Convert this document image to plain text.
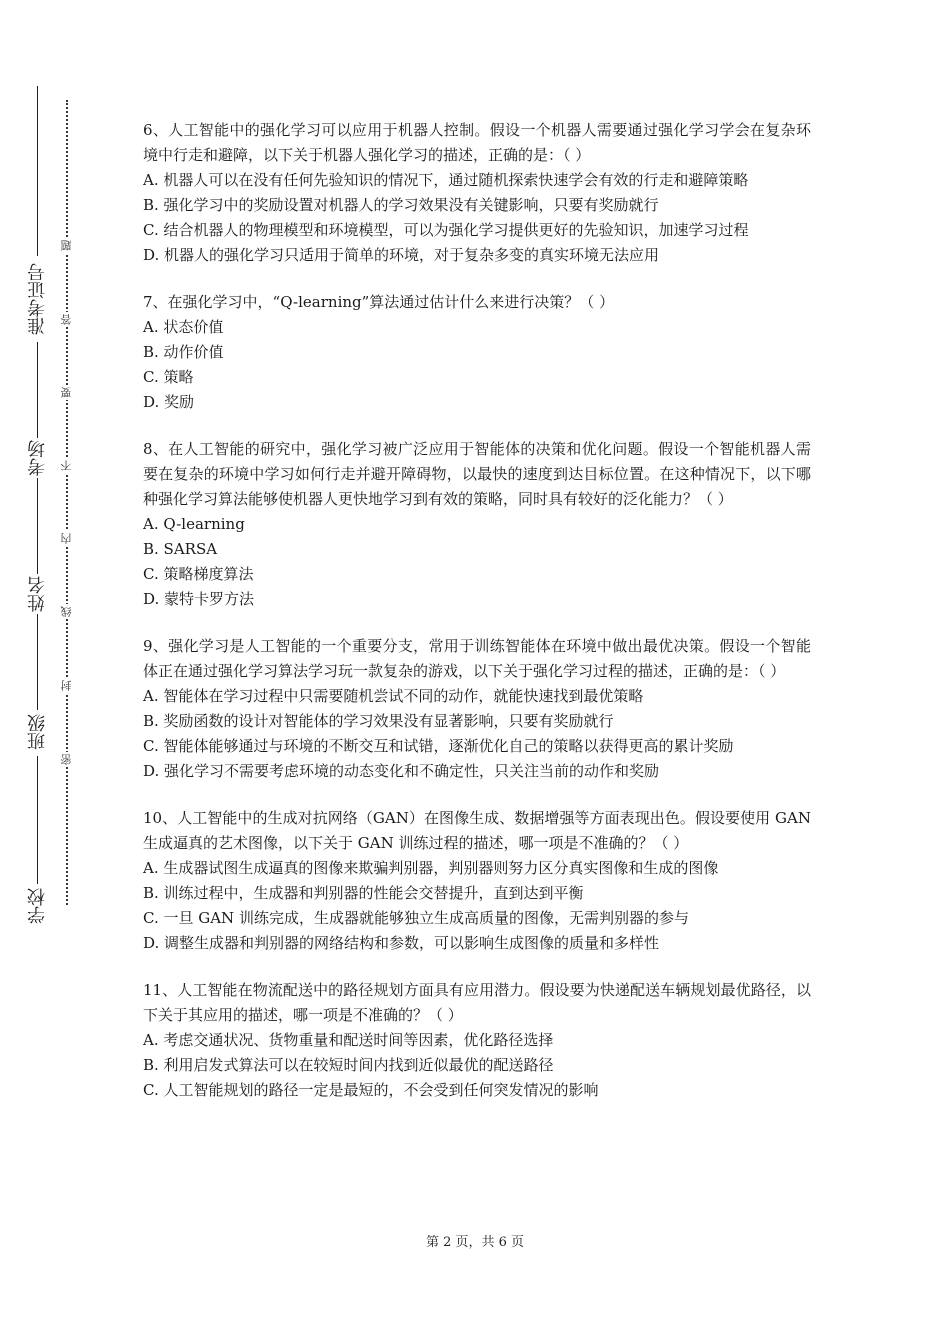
准考证号
考场
姓名
班级
学校
题
答
要
不
内
线
封
密

6、人工智能中的强化学习可以应用于机器人控制。假设一个机器人需要通过强化学习学会在复杂环境中行走和避障，以下关于机器人强化学习的描述，正确的是：（ ）

A. 机器人可以在没有任何先验知识的情况下，通过随机探索快速学会有效的行走和避障策略

B. 强化学习中的奖励设置对机器人的学习效果没有关键影响，只要有奖励就行

C. 结合机器人的物理模型和环境模型，可以为强化学习提供更好的先验知识，加速学习过程

D. 机器人的强化学习只适用于简单的环境，对于复杂多变的真实环境无法应用

7、在强化学习中，“Q-learning”算法通过估计什么来进行决策？（ ）

A. 状态价值

B. 动作价值

C. 策略

D. 奖励

8、在人工智能的研究中，强化学习被广泛应用于智能体的决策和优化问题。假设一个智能机器人需要在复杂的环境中学习如何行走并避开障碍物，以最快的速度到达目标位置。在这种情况下，以下哪种强化学习算法能够使机器人更快地学习到有效的策略，同时具有较好的泛化能力？（ ）

A. Q-learning

B. SARSA

C. 策略梯度算法

D. 蒙特卡罗方法

9、强化学习是人工智能的一个重要分支，常用于训练智能体在环境中做出最优决策。假设一个智能体正在通过强化学习算法学习玩一款复杂的游戏，以下关于强化学习过程的描述，正确的是：（ ）

A. 智能体在学习过程中只需要随机尝试不同的动作，就能快速找到最优策略

B. 奖励函数的设计对智能体的学习效果没有显著影响，只要有奖励就行

C. 智能体能够通过与环境的不断交互和试错，逐渐优化自己的策略以获得更高的累计奖励

D. 强化学习不需要考虑环境的动态变化和不确定性，只关注当前的动作和奖励

10、人工智能中的生成对抗网络（GAN）在图像生成、数据增强等方面表现出色。假设要使用 GAN 生成逼真的艺术图像，以下关于 GAN 训练过程的描述，哪一项是不准确的？（ ）

A. 生成器试图生成逼真的图像来欺骗判别器，判别器则努力区分真实图像和生成的图像

B. 训练过程中，生成器和判别器的性能会交替提升，直到达到平衡

C. 一旦 GAN 训练完成，生成器就能够独立生成高质量的图像，无需判别器的参与

D. 调整生成器和判别器的网络结构和参数，可以影响生成图像的质量和多样性

11、人工智能在物流配送中的路径规划方面具有应用潜力。假设要为快递配送车辆规划最优路径，以下关于其应用的描述，哪一项是不准确的？（ ）

A. 考虑交通状况、货物重量和配送时间等因素，优化路径选择

B. 利用启发式算法可以在较短时间内找到近似最优的配送路径

C. 人工智能规划的路径一定是最短的，不会受到任何突发情况的影响

第 2 页，共 6 页
